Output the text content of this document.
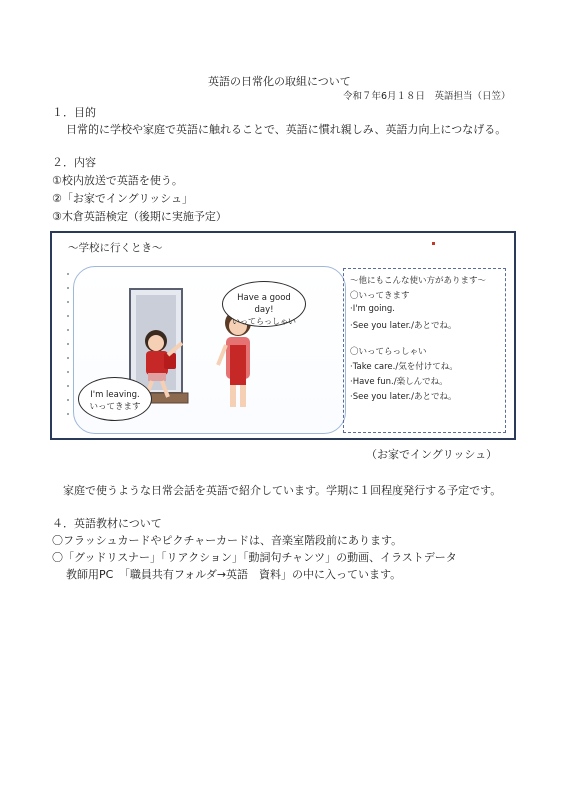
英語の日常化の取組について
令和７年6月１８日　英語担当（日笠）
１．目的
日常的に学校や家庭で英語に触れることで、英語に慣れ親しみ、英語力向上につなげる。
２．内容
①校内放送で英語を使う。
②「お家でイングリッシュ」
③木倉英語検定（後期に実施予定）
～学校に行くとき～
Have a good
day!
いってらっしゃい
I'm leaving.
いってきます
～他にもこんな使い方があります～
〇いってきます
·I'm going.
·See you later./あとでね。
〇いってらっしゃい
·Take care./気を付けてね。
·Have fun./楽しんでね。
·See you later./あとでね。
（お家でイングリッシュ）
家庭で使うような日常会話を英語で紹介しています。学期に１回程度発行する予定です。
４．英語教材について
〇フラッシュカードやピクチャーカードは、音楽室階段前にあります。
〇「グッドリスナー」「リアクション」「動詞句チャンツ」の動画、イラストデータ
教師用PC　「職員共有フォルダ→英語　資料」の中に入っています。
